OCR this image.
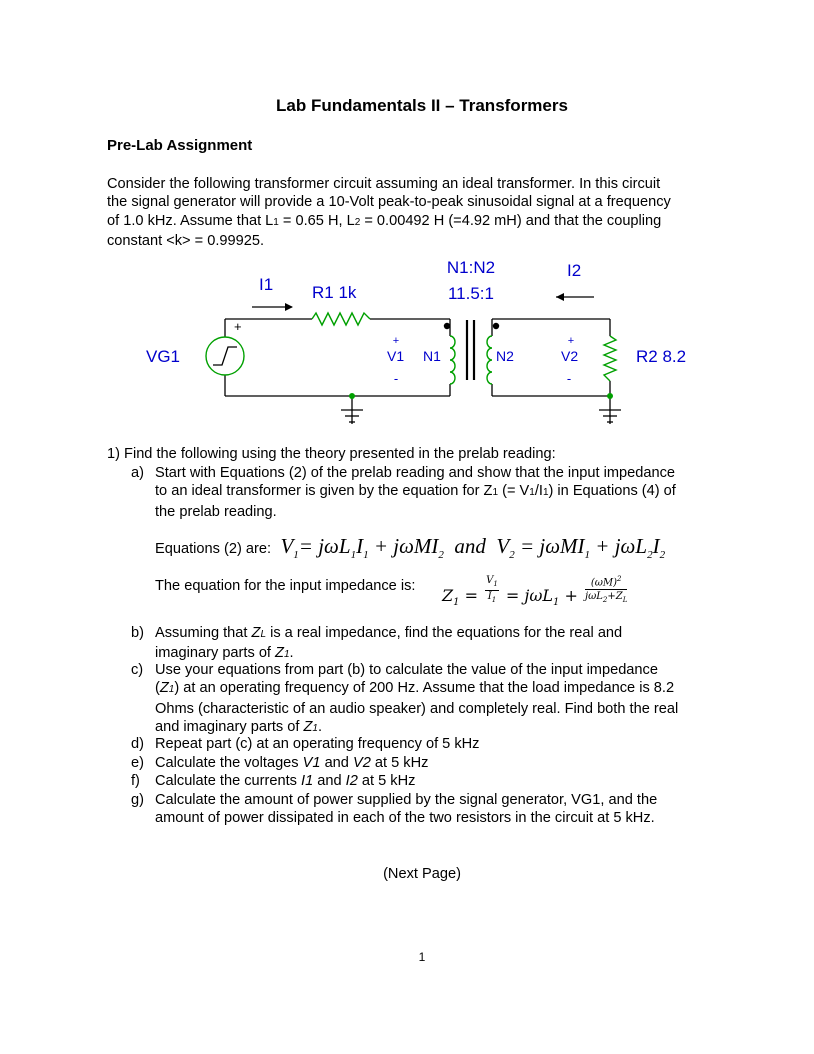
Lab Fundamentals II – Transformers
Pre-Lab Assignment
Consider the following transformer circuit assuming an ideal transformer. In this circuit
the signal generator will provide a 10-Volt peak-to-peak sinusoidal signal at a frequency
of 1.0 kHz. Assume that L1 = 0.65 H, L2 = 0.00492 H (=4.92 mH) and that the coupling
constant <k> = 0.99925.
I1 R1 1k
N1:N2
11.5:1
I2
VG1
+
+
V1
-
N1	N2
+
V2
-
R2 8.2
1) Find the following using the theory presented in the prelab reading:
a) Start with Equations (2) of the prelab reading and show that the input impedance
to an ideal transformer is given by the equation for Z1 (= V1/I1) in Equations (4) of
the prelab reading.
Equations (2) are: $V_1= j\omega L_1I_1 + j\omega MI_2$  and  $V_2 = j\omega MI_1 + j\omega L_2I_2$
The equation for the input impedance is: $Z_1 = \frac{V_1}{I_1} = j\omega L_1$ +
$(\omega M)^2$
$j\omega L_2+Z_L$
b) Assuming that ZL is a real impedance, find the equations for the real and
imaginary parts of Z1.
c) Use your equations from part (b) to calculate the value of the input impedance
(Z1) at an operating frequency of 200 Hz. Assume that the load impedance is 8.2
Ohms (characteristic of an audio speaker) and completely real. Find both the real
and imaginary parts of Z1.
d) Repeat part (c) at an operating frequency of 5 kHz
e) Calculate the voltages V1 and V2 at 5 kHz
f) Calculate the currents I1 and I2 at 5 kHz
g) Calculate the amount of power supplied by the signal generator, VG1, and the
amount of power dissipated in each of the two resistors in the circuit at 5 kHz.
(Next Page)
1
